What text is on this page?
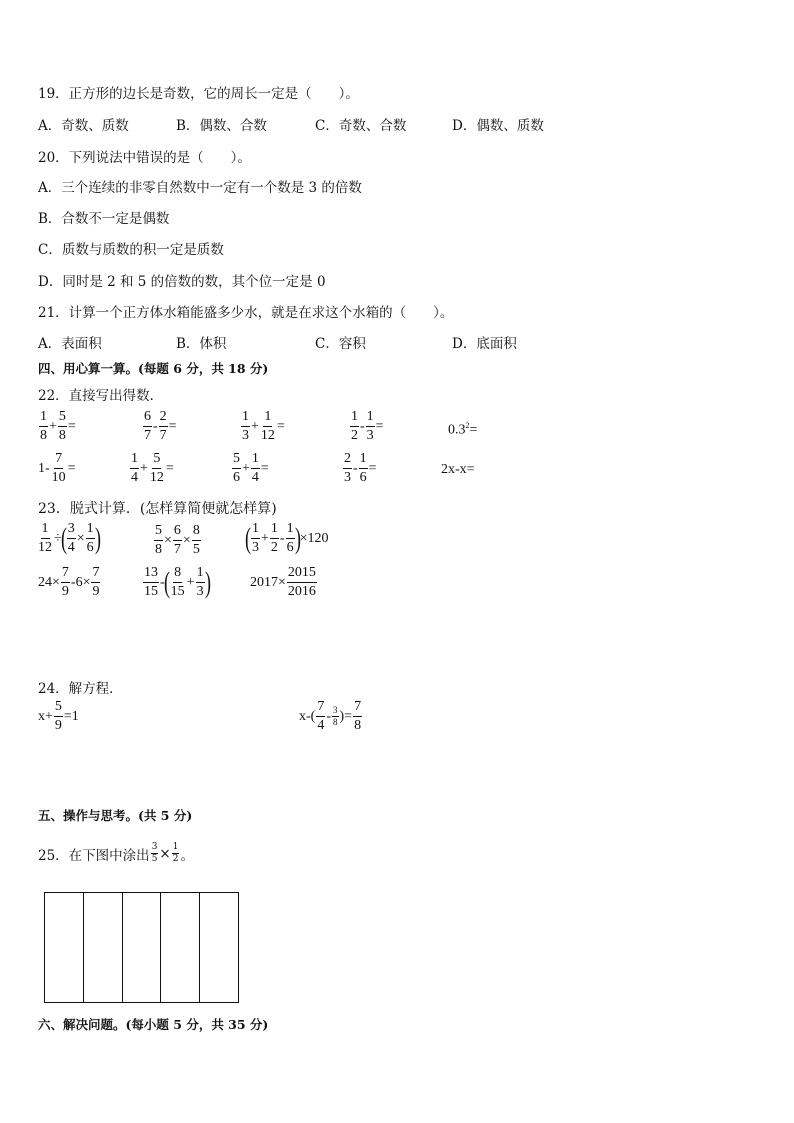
19．正方形的边长是奇数，它的周长一定是（　　）。
A．奇数、质数	B．偶数、合数	C．奇数、合数	D．偶数、质数
20．下列说法中错误的是（　　）。
A．三个连续的非零自然数中一定有一个数是 3 的倍数
B．合数不一定是偶数
C．质数与质数的积一定是质数
D．同时是 2 和 5 的倍数的数，其个位一定是 0
21．计算一个正方体水箱能盛多少水，就是在求这个水箱的（　　）。
A．表面积	B．体积	C．容积	D．底面积
四、用心算一算。(每题 6 分，共 18 分)
22．直接写出得数．
$\frac{1}{8} + \frac{5}{8}$ =	$\frac{6}{7} - \frac{2}{7}$ =	$\frac{1}{3} + \frac{1}{12}$ =	$\frac{1}{2} - \frac{1}{3}$ =	$0.3^2=$
$1- \frac{7}{10}$ =	$\frac{1}{4} + \frac{5}{12}$ =	$\frac{5}{6} + \frac{1}{4}$ =	$\frac{2}{3} - \frac{1}{6}$ =	2x-x=
23．脱式计算．(怎样算简便就怎样算)
$\frac{1}{12}$ ÷ ( $\frac{3}{4} \times \frac{1}{6}$ )	$\frac{5}{8} \times \frac{6}{7} \times \frac{8}{5}$ ( $\frac{1}{3} + \frac{1}{2} - \frac{1}{6}$ ) ×120
$24\times \frac{7}{9} -6\times \frac{7}{9}$	$\frac{13}{15}$ - ( $\frac{8}{15} + \frac{1}{3}$ )	$2017\times \frac{2015}{2016}$
24．解方程．
$x+ \frac{5}{9} =1$	$x-( \frac{7}{4} - \frac{3}{8}$ )= $\frac{7}{8}$
五、操作与思考。(共 5 分)
25．在下图中涂出 $\frac{3}{5} \times \frac{1}{2}$ 。
六、解决问题。(每小题 5 分，共 35 分)
